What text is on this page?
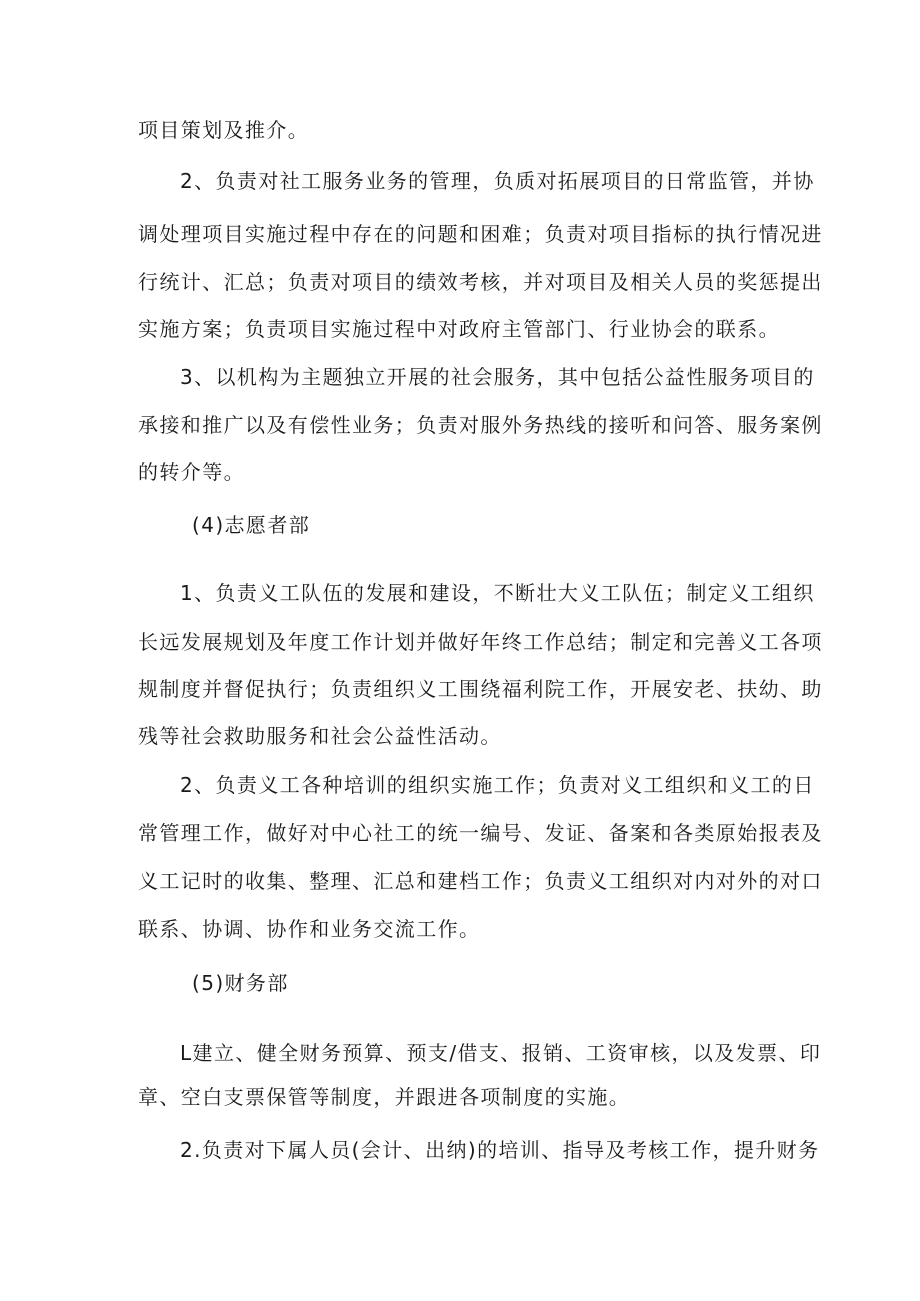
项目策划及推介。
2、负责对社工服务业务的管理，负质对拓展项目的日常监管，并协
调处理项目实施过程中存在的问题和困难；负责对项目指标的执行情况进
行统计、汇总；负责对项目的绩效考核，并对项目及相关人员的奖惩提出
实施方案；负责项目实施过程中对政府主管部门、行业协会的联系。
3、以机构为主题独立开展的社会服务，其中包括公益性服务项目的
承接和推广以及有偿性业务；负责对服外务热线的接听和问答、服务案例
的转介等。
(4)志愿者部
1、负责义工队伍的发展和建设，不断壮大义工队伍；制定义工组织
长远发展规划及年度工作计划并做好年终工作总结；制定和完善义工各项
规制度并督促执行；负责组织义工围绕福利院工作，开展安老、扶幼、助
残等社会救助服务和社会公益性活动。
2、负责义工各种培训的组织实施工作；负责对义工组织和义工的日
常管理工作，做好对中心社工的统一编号、发证、备案和各类原始报表及
义工记时的收集、整理、汇总和建档工作；负责义工组织对内对外的对口
联系、协调、协作和业务交流工作。
(5)财务部
L建立、健全财务预算、预支/借支、报销、工资审核，以及发票、印
章、空白支票保管等制度，并跟进各项制度的实施。
2.负责对下属人员(会计、出纳)的培训、指导及考核工作，提升财务
